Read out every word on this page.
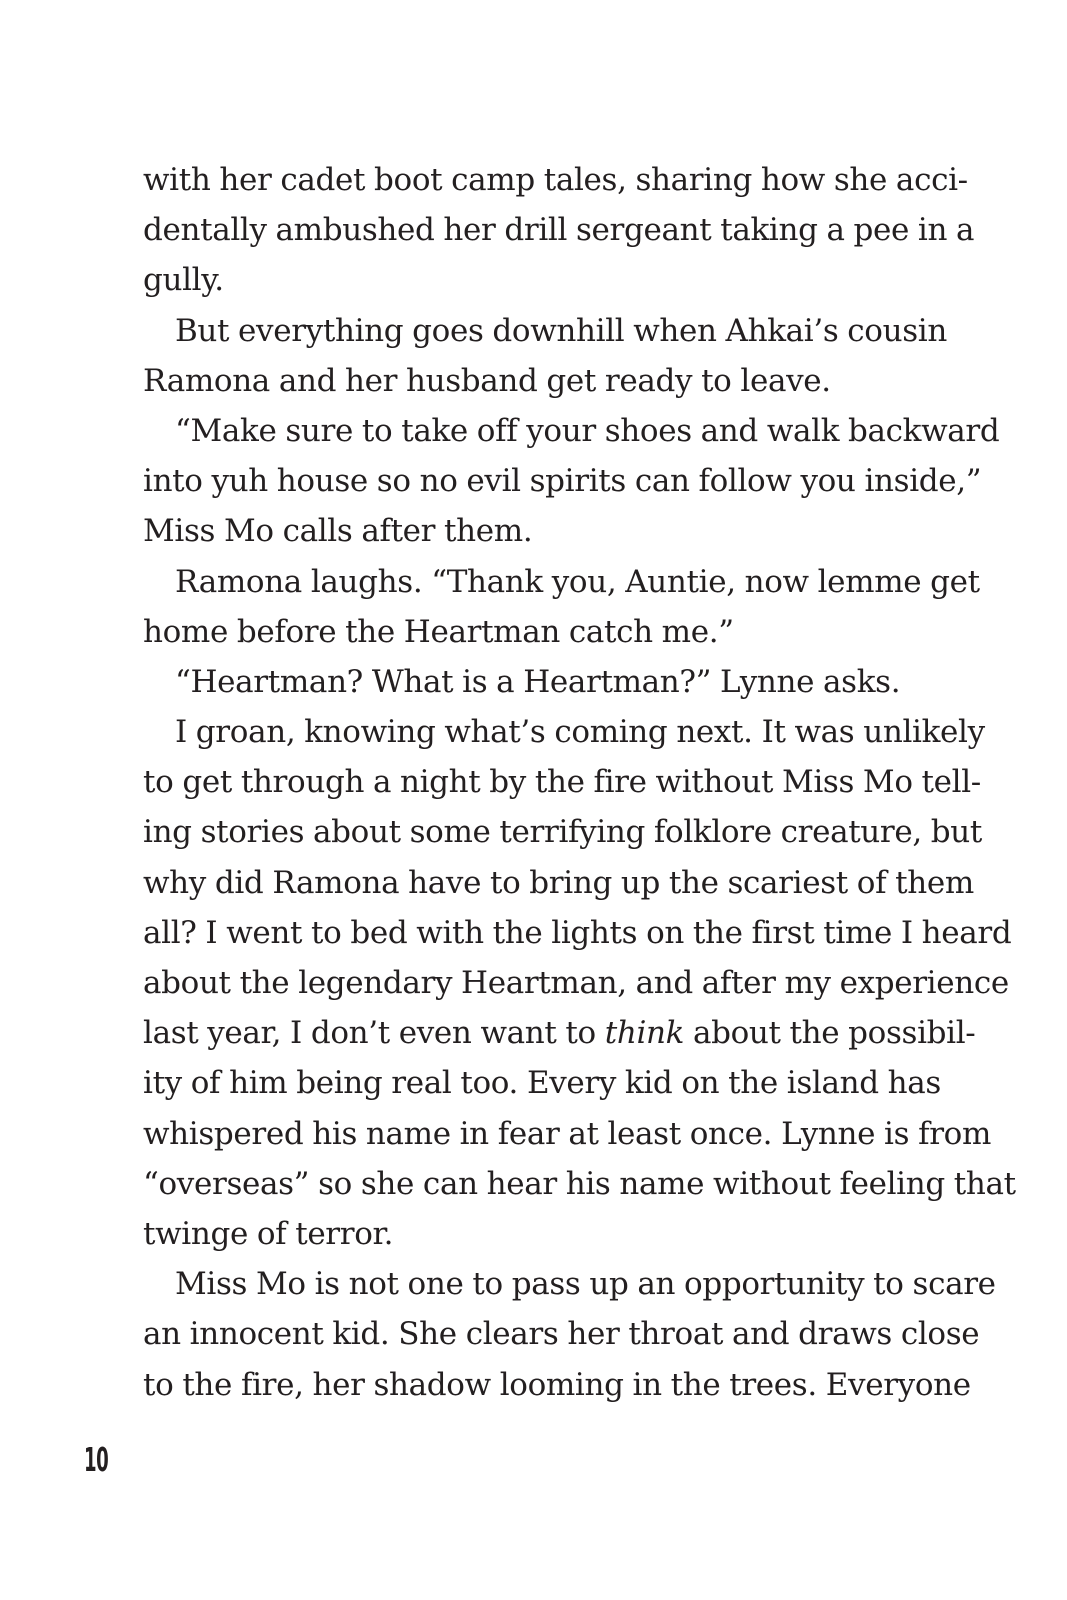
with her cadet boot camp tales, sharing how she acci-
dentally ambushed her drill sergeant taking a pee in a
gully.
But everything goes downhill when Ahkai’s cousin
Ramona and her husband get ready to leave.
“Make sure to take off your shoes and walk backward
into yuh house so no evil spirits can follow you inside,”
Miss Mo calls after them.
Ramona laughs. “Thank you, Auntie, now lemme get
home before the Heartman catch me.”
“Heartman? What is a Heartman?” Lynne asks.
I groan, knowing what’s coming next. It was unlikely
to get through a night by the fire without Miss Mo tell-
ing stories about some terrifying folklore creature, but
why did Ramona have to bring up the scariest of them
all? I went to bed with the lights on the first time I heard
about the legendary Heartman, and after my experience
last year, I don’t even want to think about the possibil-
ity of him being real too. Every kid on the island has
whispered his name in fear at least once. Lynne is from
“overseas” so she can hear his name without feeling that
twinge of terror.
Miss Mo is not one to pass up an opportunity to scare
an innocent kid. She clears her throat and draws close
to the fire, her shadow looming in the trees. Everyone
10
